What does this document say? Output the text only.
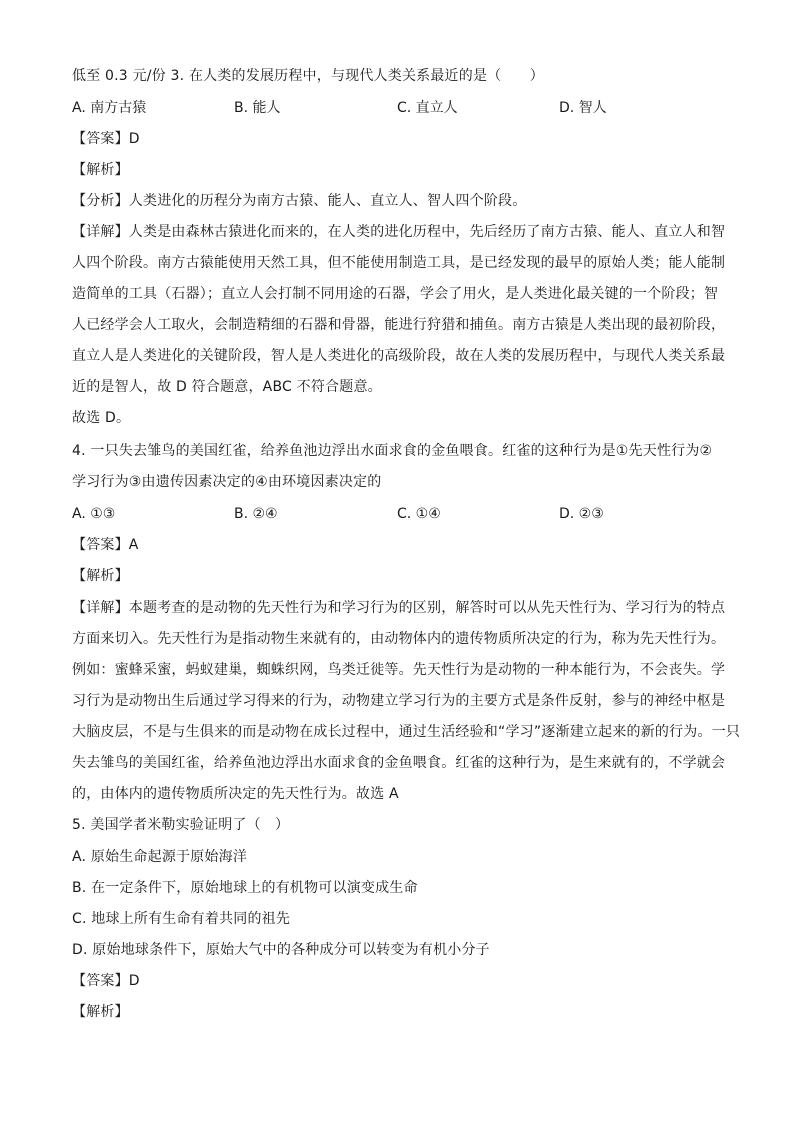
低至 0.3 元/份 3. 在人类的发展历程中，与现代人类关系最近的是（　　）
A. 南方古猿	B. 能人	C. 直立人	D. 智人
【答案】D
【解析】
【分析】人类进化的历程分为南方古猿、能人、直立人、智人四个阶段。
【详解】人类是由森林古猿进化而来的，在人类的进化历程中，先后经历了南方古猿、能人、直立人和智
人四个阶段。南方古猿能使用天然工具，但不能使用制造工具，是已经发现的最早的原始人类；能人能制
造简单的工具（石器）；直立人会打制不同用途的石器，学会了用火，是人类进化最关键的一个阶段；智
人已经学会人工取火，会制造精细的石器和骨器，能进行狩猎和捕鱼。南方古猿是人类出现的最初阶段，
直立人是人类进化的关键阶段，智人是人类进化的高级阶段，故在人类的发展历程中，与现代人类关系最
近的是智人，故 D 符合题意，ABC 不符合题意。
故选 D。
4. 一只失去雏鸟的美国红雀，给养鱼池边浮出水面求食的金鱼喂食。红雀的这种行为是①先天性行为②
学习行为③由遗传因素决定的④由环境因素决定的
A. ①③	B. ②④	C. ①④	D. ②③
【答案】A
【解析】
【详解】本题考查的是动物的先天性行为和学习行为的区别，解答时可以从先天性行为、学习行为的特点
方面来切入。先天性行为是指动物生来就有的，由动物体内的遗传物质所决定的行为，称为先天性行为。
例如：蜜蜂采蜜，蚂蚁建巢，蜘蛛织网，鸟类迁徙等。先天性行为是动物的一种本能行为，不会丧失。学
习行为是动物出生后通过学习得来的行为，动物建立学习行为的主要方式是条件反射，参与的神经中枢是
大脑皮层，不是与生俱来的而是动物在成长过程中，通过生活经验和“学习”逐渐建立起来的新的行为。一只
失去雏鸟的美国红雀，给养鱼池边浮出水面求食的金鱼喂食。红雀的这种行为，是生来就有的，不学就会
的，由体内的遗传物质所决定的先天性行为。故选 A
5. 美国学者米勒实验证明了（　）
A. 原始生命起源于原始海洋
B. 在一定条件下，原始地球上的有机物可以演变成生命
C. 地球上所有生命有着共同的祖先
D. 原始地球条件下，原始大气中的各种成分可以转变为有机小分子
【答案】D
【解析】
